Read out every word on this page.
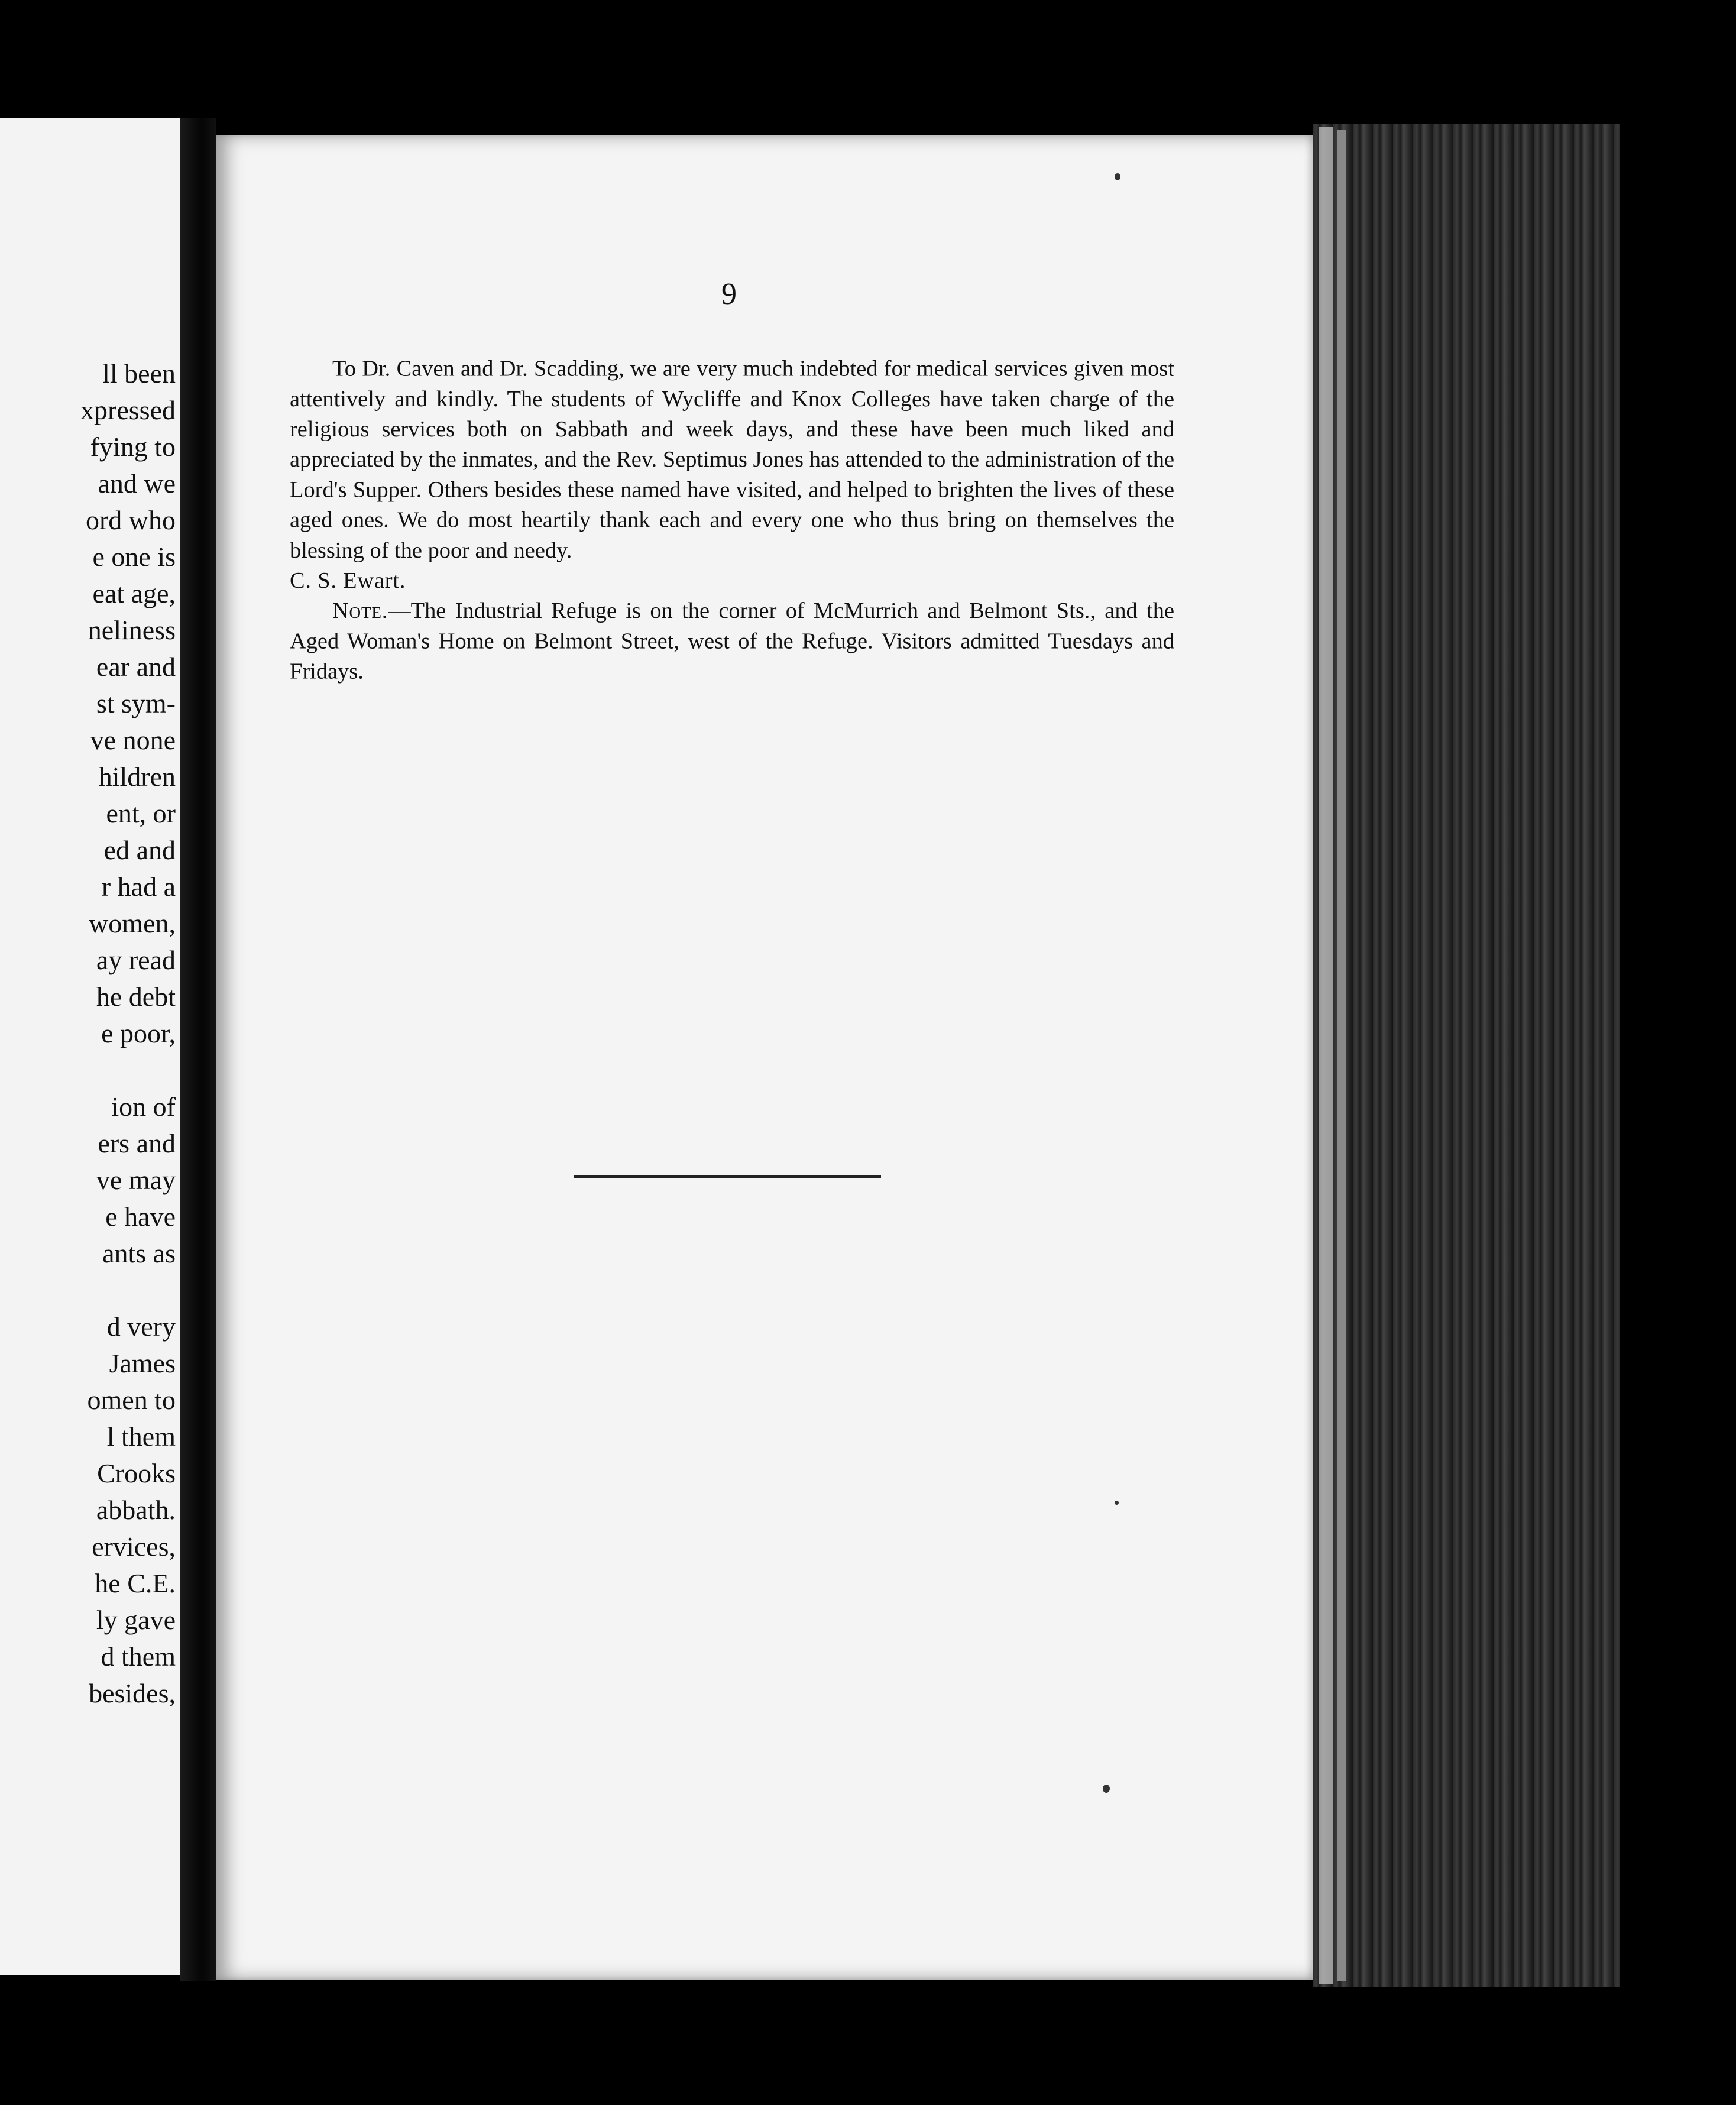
ll been
xpressed
fying to
and we
ord who
e one is
eat age,
neliness
ear and
st sym-
ve none
hildren
ent, or
ed and
r had a
women,
ay read
he debt
e poor,
ion of
ers and
ve may
e have
ants as
d very
James
omen to
l them
Crooks
abbath.
ervices,
he C.E.
ly gave
d them
besides,
9

To Dr. Caven and Dr. Scadding, we are very much indebted for medical services given most attentively and kindly. The students of Wycliffe and Knox Colleges have taken charge of the religious services both on Sabbath and week days, and these have been much liked and appreciated by the inmates, and the Rev. Septimus Jones has attended to the administration of the Lord's Supper. Others besides these named have visited, and helped to brighten the lives of these aged ones. We do most heartily thank each and every one who thus bring on themselves the blessing of the poor and needy.

C. S. Ewart.

Note.—The Industrial Refuge is on the corner of McMurrich and Belmont Sts., and the Aged Woman's Home on Belmont Street, west of the Refuge. Visitors admitted Tuesdays and Fridays.
